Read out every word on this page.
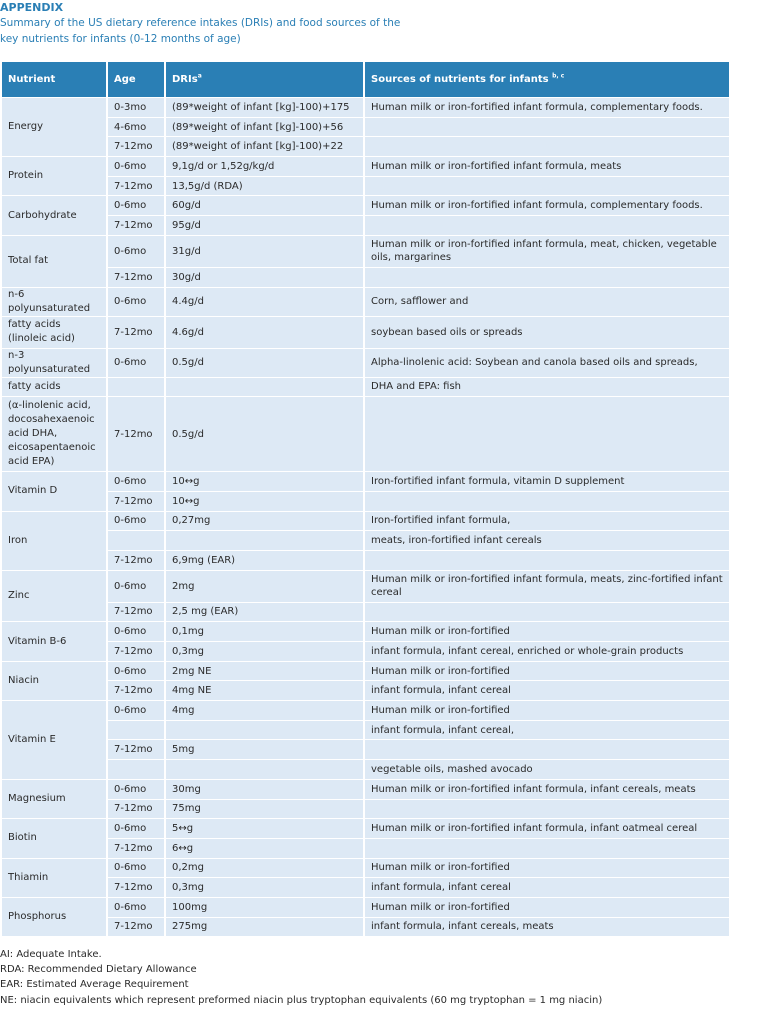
APPENDIX
Summary of the US dietary reference intakes (DRIs) and food sources of the
key nutrients for infants (0-12 months of age)
Nutrient	Age	DRIs$^a$	Sources of nutrients for infants $^{b, c}$
Energy	0-3mo	(89*weight of infant [kg]-100)+175	Human milk or iron-fortified infant formula, complementary foods.
	4-6mo	(89*weight of infant [kg]-100)+56	
	7-12mo	(89*weight of infant [kg]-100)+22	
Protein	0-6mo	9,1g/d or 1,52g/kg/d	Human milk or iron-fortified infant formula, meats
	7-12mo	13,5g/d (RDA)	
Carbohydrate	0-6mo	60g/d	Human milk or iron-fortified infant formula, complementary foods.
	7-12mo	95g/d	
Total fat	0-6mo	31g/d	Human milk or iron-fortified infant formula, meat, chicken, vegetable oils, margarines
	7-12mo	30g/d	
n-6 polyunsaturated	0-6mo	4.4g/d	Corn, safflower and
fatty acids (linoleic acid)	7-12mo	4.6g/d	soybean based oils or spreads
n-3 polyunsaturated	0-6mo	0.5g/d	Alpha-linolenic acid: Soybean and canola based oils and spreads,
fatty acids			DHA and EPA: fish
(α-linolenic acid, docosahexaenoic acid DHA, eicosapentaenoic acid EPA)	7-12mo	0.5g/d	
Vitamin D	0-6mo	10↔g	Iron-fortified infant formula, vitamin D supplement
	7-12mo	10↔g	
Iron	0-6mo	0,27mg	Iron-fortified infant formula,
			meats, iron-fortified infant cereals
	7-12mo	6,9mg (EAR)	
Zinc	0-6mo	2mg	Human milk or iron-fortified infant formula, meats, zinc-fortified infant cereal
	7-12mo	2,5 mg (EAR)	
Vitamin B-6	0-6mo	0,1mg	Human milk or iron-fortified
	7-12mo	0,3mg	infant formula, infant cereal, enriched or whole-grain products
Niacin	0-6mo	2mg NE	Human milk or iron-fortified
	7-12mo	4mg NE	infant formula, infant cereal
Vitamin E	0-6mo	4mg	Human milk or iron-fortified
			infant formula, infant cereal,
	7-12mo	5mg	
			vegetable oils, mashed avocado
Magnesium	0-6mo	30mg	Human milk or iron-fortified infant formula, infant cereals, meats
	7-12mo	75mg	
Biotin	0-6mo	5↔g	Human milk or iron-fortified infant formula, infant oatmeal cereal
	7-12mo	6↔g	
Thiamin	0-6mo	0,2mg	Human milk or iron-fortified
	7-12mo	0,3mg	infant formula, infant cereal
Phosphorus	0-6mo	100mg	Human milk or iron-fortified
	7-12mo	275mg	infant formula, infant cereals, meats
AI: Adequate Intake.
RDA: Recommended Dietary Allowance
EAR: Estimated Average Requirement
NE: niacin equivalents which represent preformed niacin plus tryptophan equivalents (60 mg tryptophan = 1 mg niacin)
